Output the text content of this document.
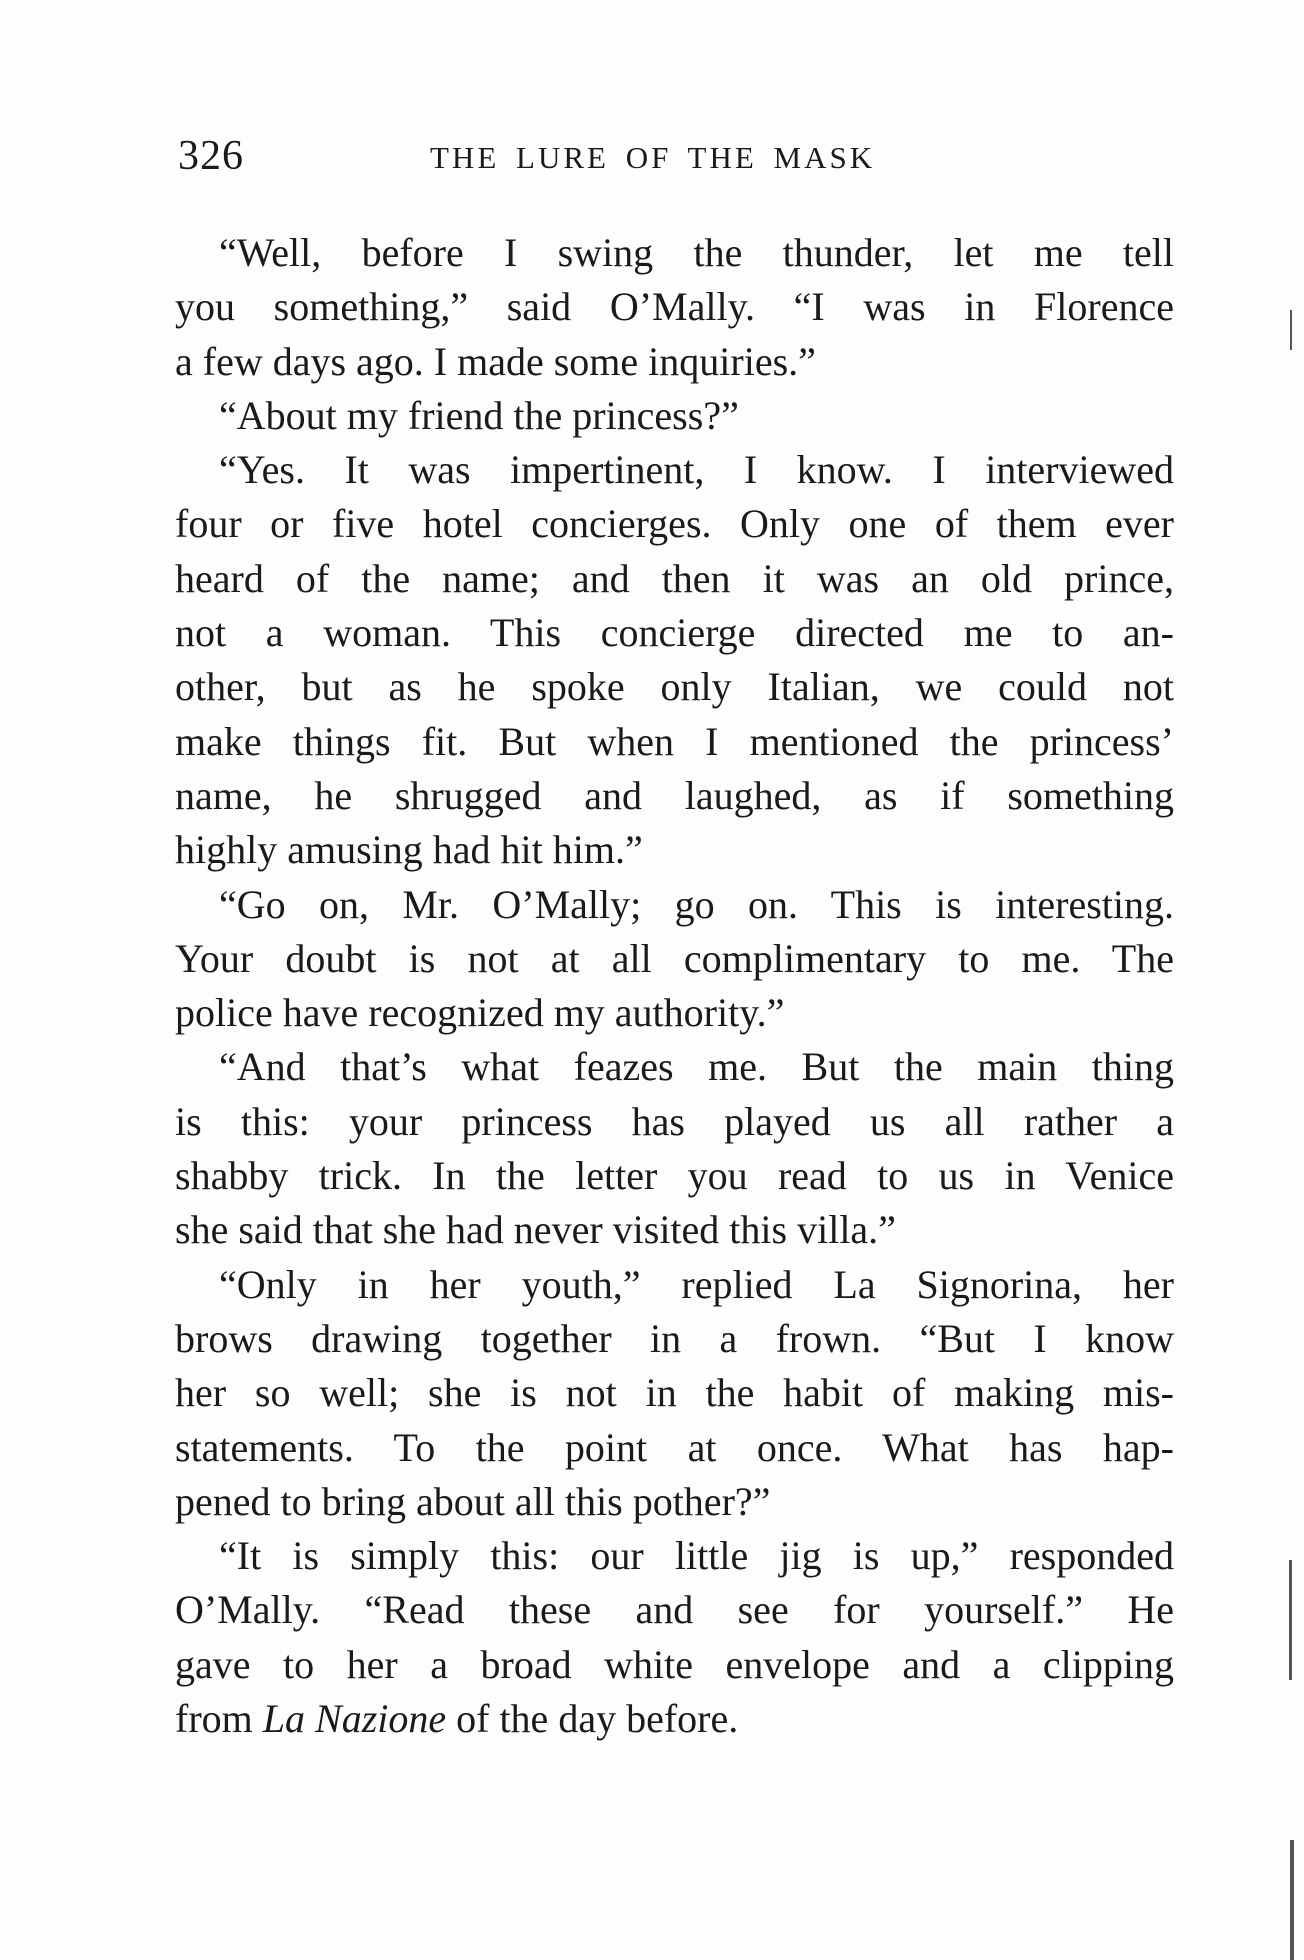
326	THE LURE OF THE MASK
“Well, before I swing the thunder, let me tell
you something,” said O’Mally. “I was in Florence
a few days ago. I made some inquiries.”
“About my friend the princess?”
“Yes. It was impertinent, I know. I interviewed
four or five hotel concierges. Only one of them ever
heard of the name; and then it was an old prince,
not a woman. This concierge directed me to an-
other, but as he spoke only Italian, we could not
make things fit. But when I mentioned the princess’
name, he shrugged and laughed, as if something
highly amusing had hit him.”
“Go on, Mr. O’Mally; go on. This is interesting.
Your doubt is not at all complimentary to me. The
police have recognized my authority.”
“And that’s what feazes me. But the main thing
is this: your princess has played us all rather a
shabby trick. In the letter you read to us in Venice
she said that she had never visited this villa.”
“Only in her youth,” replied La Signorina, her
brows drawing together in a frown. “But I know
her so well; she is not in the habit of making mis-
statements. To the point at once. What has hap-
pened to bring about all this pother?”
“It is simply this: our little jig is up,” responded
O’Mally. “Read these and see for yourself.” He
gave to her a broad white envelope and a clipping
from La Nazione of the day before.
